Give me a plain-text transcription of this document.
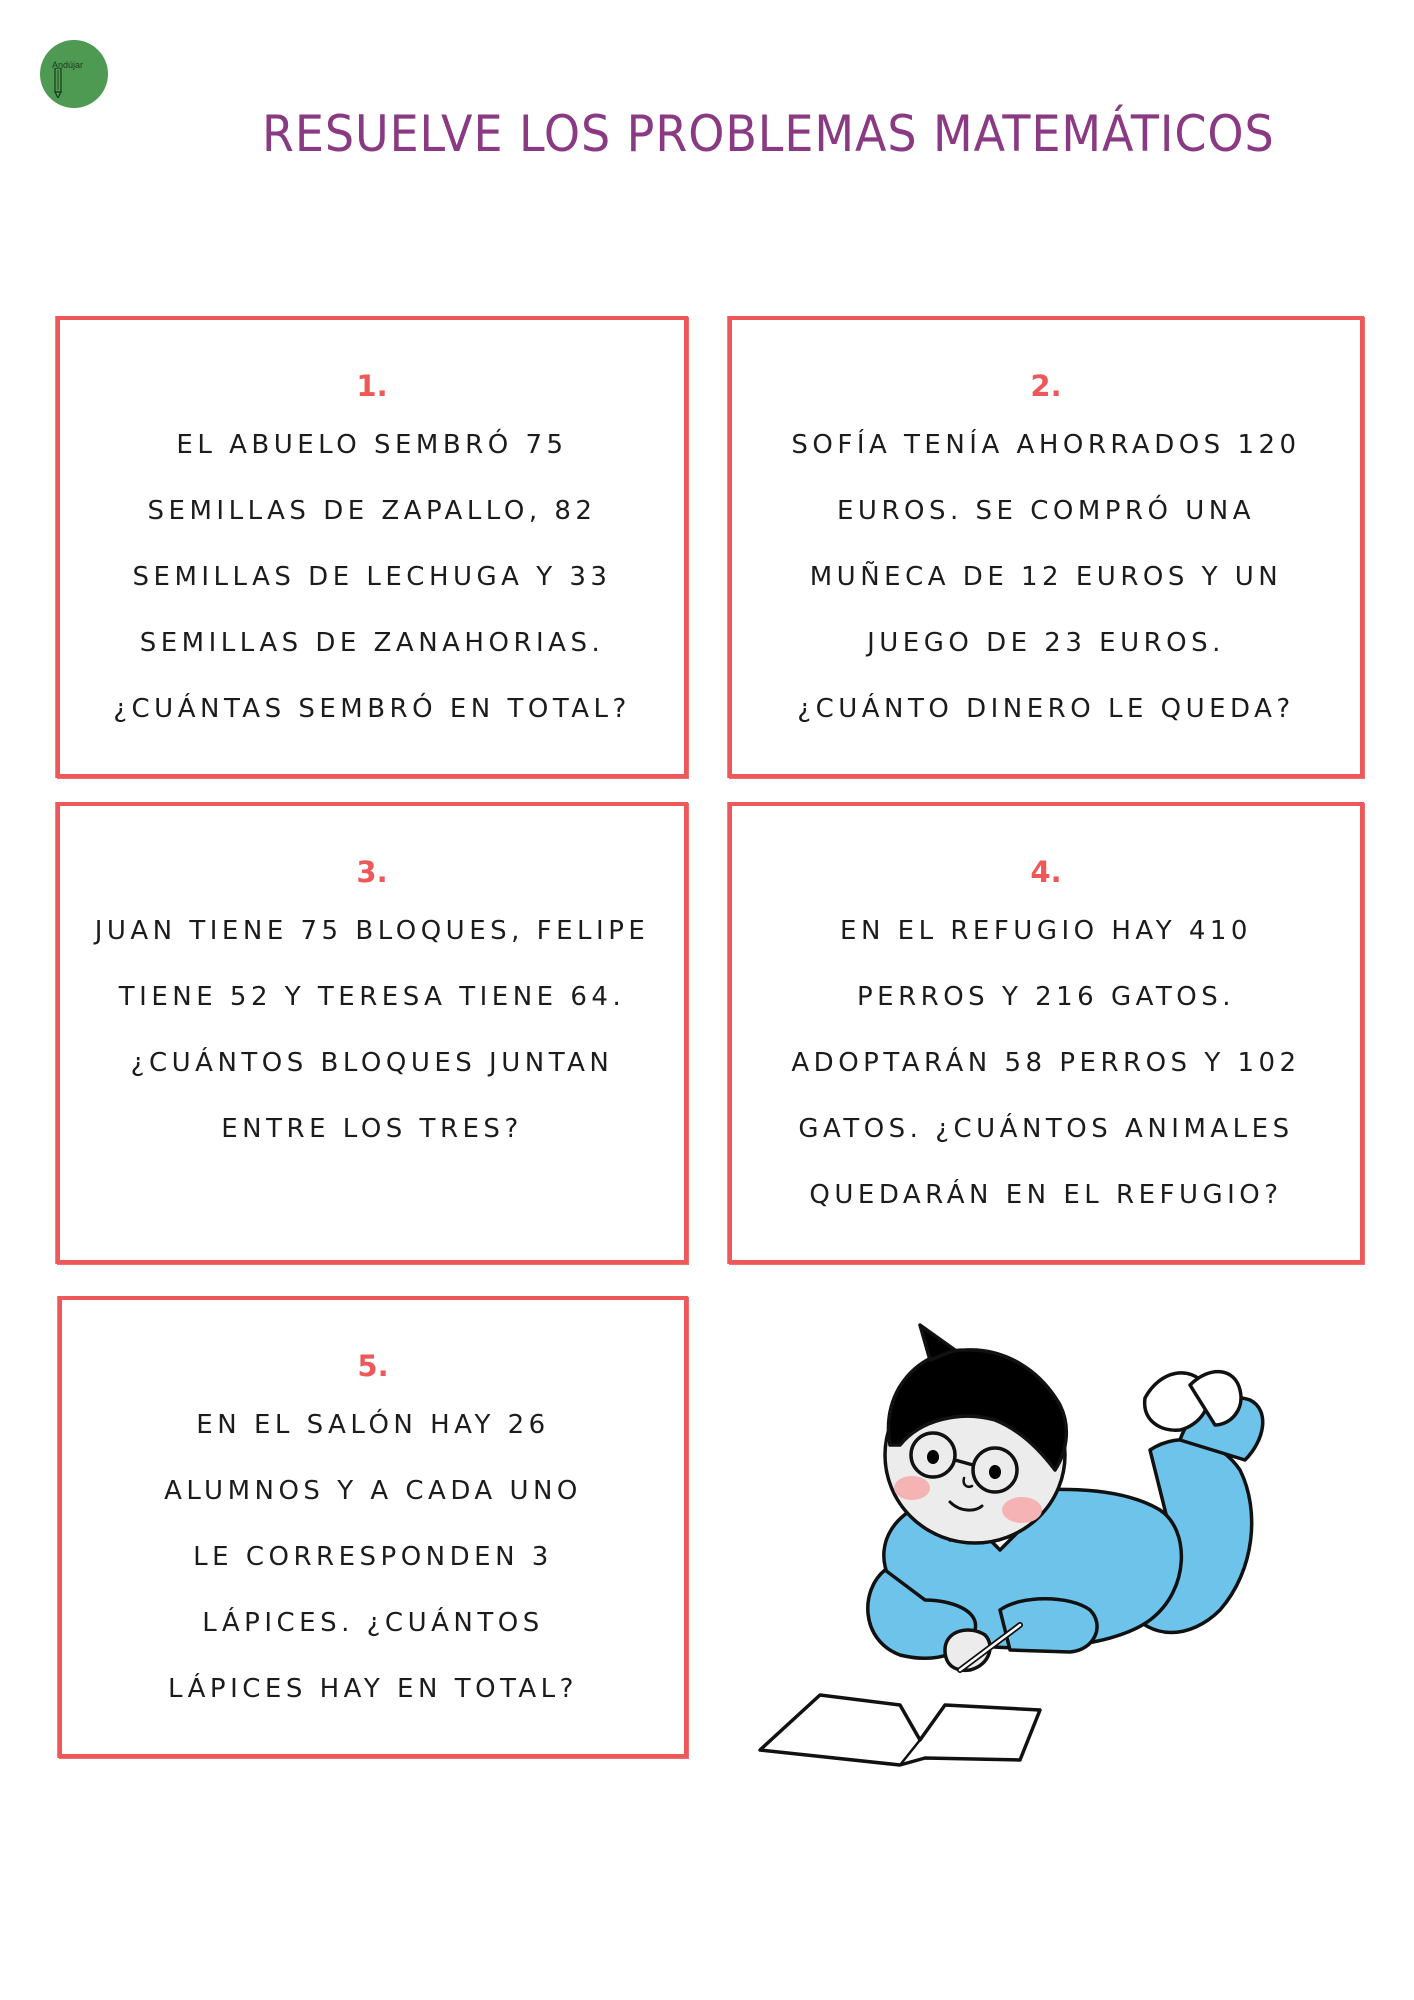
Andújar
RESUELVE LOS PROBLEMAS MATEMÁTICOS
1.
EL ABUELO SEMBRÓ 75
SEMILLAS DE ZAPALLO, 82
SEMILLAS DE LECHUGA Y 33
SEMILLAS DE ZANAHORIAS.
¿CUÁNTAS SEMBRÓ EN TOTAL?
2.
SOFÍA TENÍA AHORRADOS 120
EUROS. SE COMPRÓ UNA
MUÑECA DE 12 EUROS Y UN
JUEGO DE 23 EUROS.
¿CUÁNTO DINERO LE QUEDA?
3.
JUAN TIENE 75 BLOQUES, FELIPE
TIENE 52 Y TERESA TIENE 64.
¿CUÁNTOS BLOQUES JUNTAN
ENTRE LOS TRES?
4.
EN EL REFUGIO HAY 410
PERROS Y 216 GATOS.
ADOPTARÁN 58 PERROS Y 102
GATOS. ¿CUÁNTOS ANIMALES
QUEDARÁN EN EL REFUGIO?
5.
EN EL SALÓN HAY 26
ALUMNOS Y A CADA UNO
LE CORRESPONDEN 3
LÁPICES. ¿CUÁNTOS
LÁPICES HAY EN TOTAL?
